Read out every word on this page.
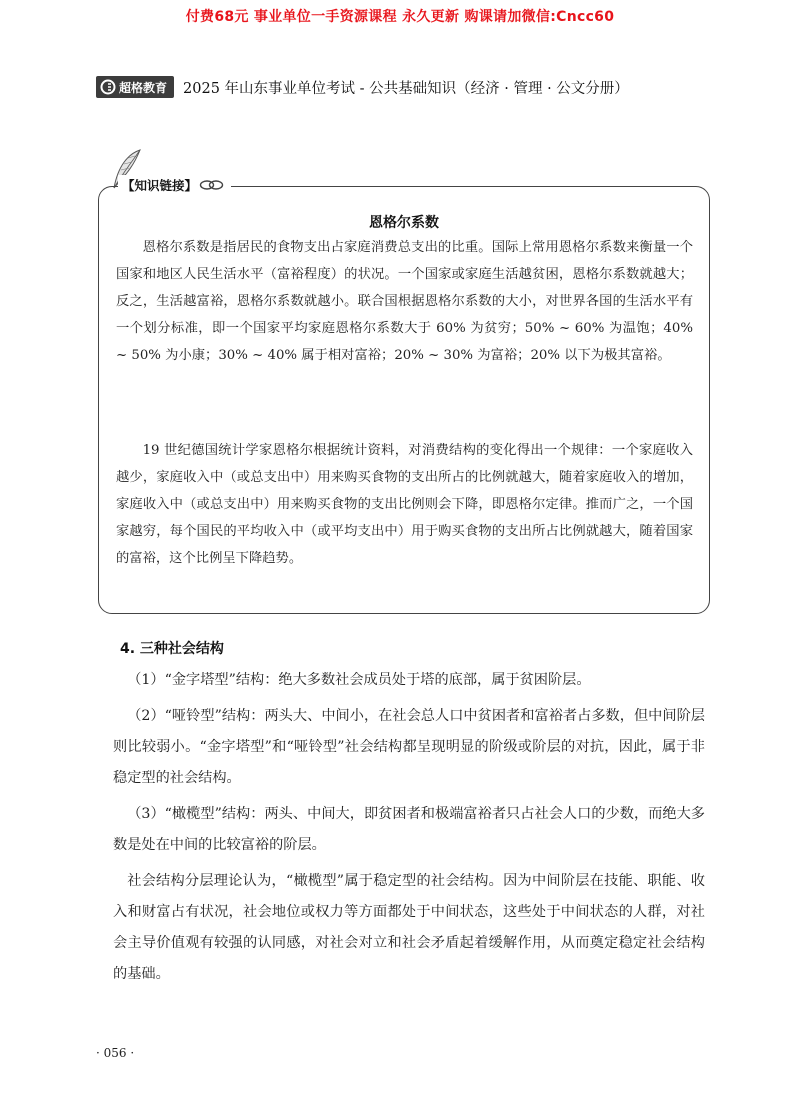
付费68元 事业单位一手资源课程 永久更新 购课请加微信:Cncc60
超格教育 2025 年山东事业单位考试 - 公共基础知识（经济 · 管理 · 公文分册）
【知识链接】
恩格尔系数

恩格尔系数是指居民的食物支出占家庭消费总支出的比重。国际上常用恩格尔系数来衡量一个国家和地区人民生活水平（富裕程度）的状况。一个国家或家庭生活越贫困，恩格尔系数就越大；反之，生活越富裕，恩格尔系数就越小。联合国根据恩格尔系数的大小，对世界各国的生活水平有一个划分标准，即一个国家平均家庭恩格尔系数大于 60% 为贫穷；50% ~ 60% 为温饱；40% ~ 50% 为小康；30% ~ 40% 属于相对富裕；20% ~ 30% 为富裕；20% 以下为极其富裕。

19 世纪德国统计学家恩格尔根据统计资料，对消费结构的变化得出一个规律：一个家庭收入越少，家庭收入中（或总支出中）用来购买食物的支出所占的比例就越大，随着家庭收入的增加，家庭收入中（或总支出中）用来购买食物的支出比例则会下降，即恩格尔定律。推而广之，一个国家越穷，每个国民的平均收入中（或平均支出中）用于购买食物的支出所占比例就越大，随着国家的富裕，这个比例呈下降趋势。

4. 三种社会结构

（1）“金字塔型”结构：绝大多数社会成员处于塔的底部，属于贫困阶层。

（2）“哑铃型”结构：两头大、中间小，在社会总人口中贫困者和富裕者占多数，但中间阶层则比较弱小。“金字塔型”和“哑铃型”社会结构都呈现明显的阶级或阶层的对抗，因此，属于非稳定型的社会结构。

（3）“橄榄型”结构：两头、中间大，即贫困者和极端富裕者只占社会人口的少数，而绝大多数是处在中间的比较富裕的阶层。

社会结构分层理论认为，“橄榄型”属于稳定型的社会结构。因为中间阶层在技能、职能、收入和财富占有状况，社会地位或权力等方面都处于中间状态，这些处于中间状态的人群，对社会主导价值观有较强的认同感，对社会对立和社会矛盾起着缓解作用，从而奠定稳定社会结构的基础。

· 056 ·
